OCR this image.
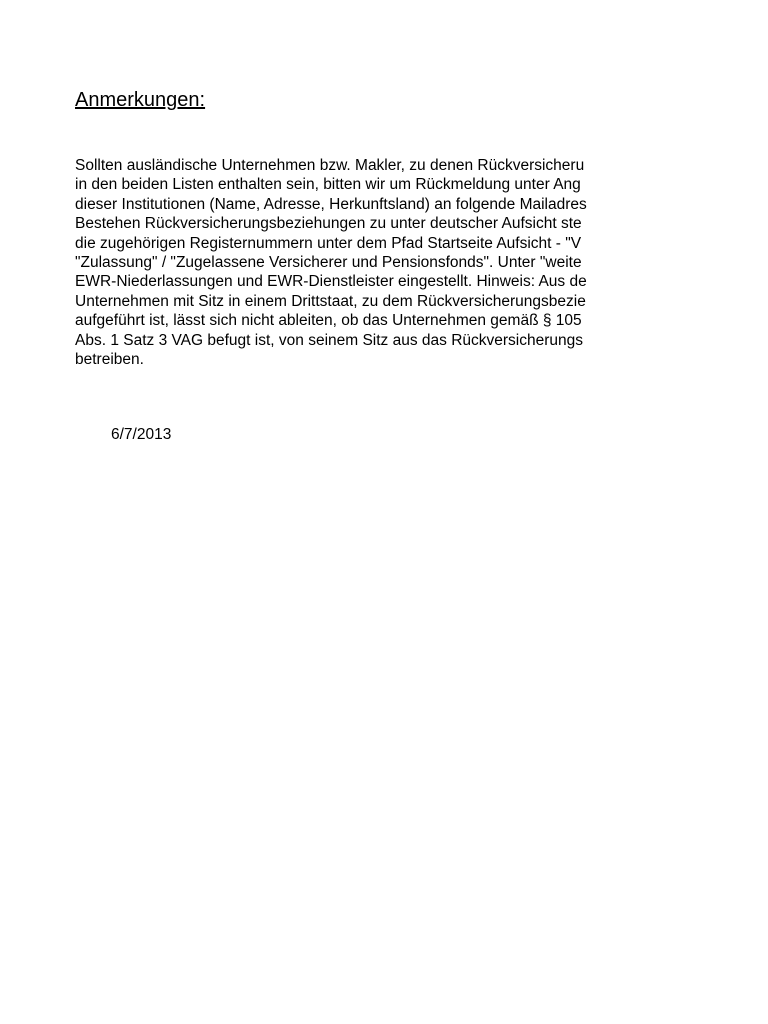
Anmerkungen:
Sollten ausländische Unternehmen bzw. Makler, zu denen Rückversicheru
in den beiden Listen enthalten sein, bitten wir um Rückmeldung unter Ang
dieser Institutionen (Name, Adresse, Herkunftsland) an folgende Mailadres
Bestehen Rückversicherungsbeziehungen zu unter deutscher Aufsicht ste
die zugehörigen Registernummern unter dem Pfad Startseite Aufsicht - "V
"Zulassung" / "Zugelassene Versicherer und Pensionsfonds". Unter "weite
EWR-Niederlassungen und EWR-Dienstleister eingestellt. Hinweis: Aus de
Unternehmen mit Sitz in einem Drittstaat, zu dem Rückversicherungsbezie
aufgeführt ist, lässt sich nicht ableiten, ob das Unternehmen gemäß § 105
Abs. 1 Satz 3 VAG befugt ist, von seinem Sitz aus das Rückversicherungs
betreiben.
6/7/2013
